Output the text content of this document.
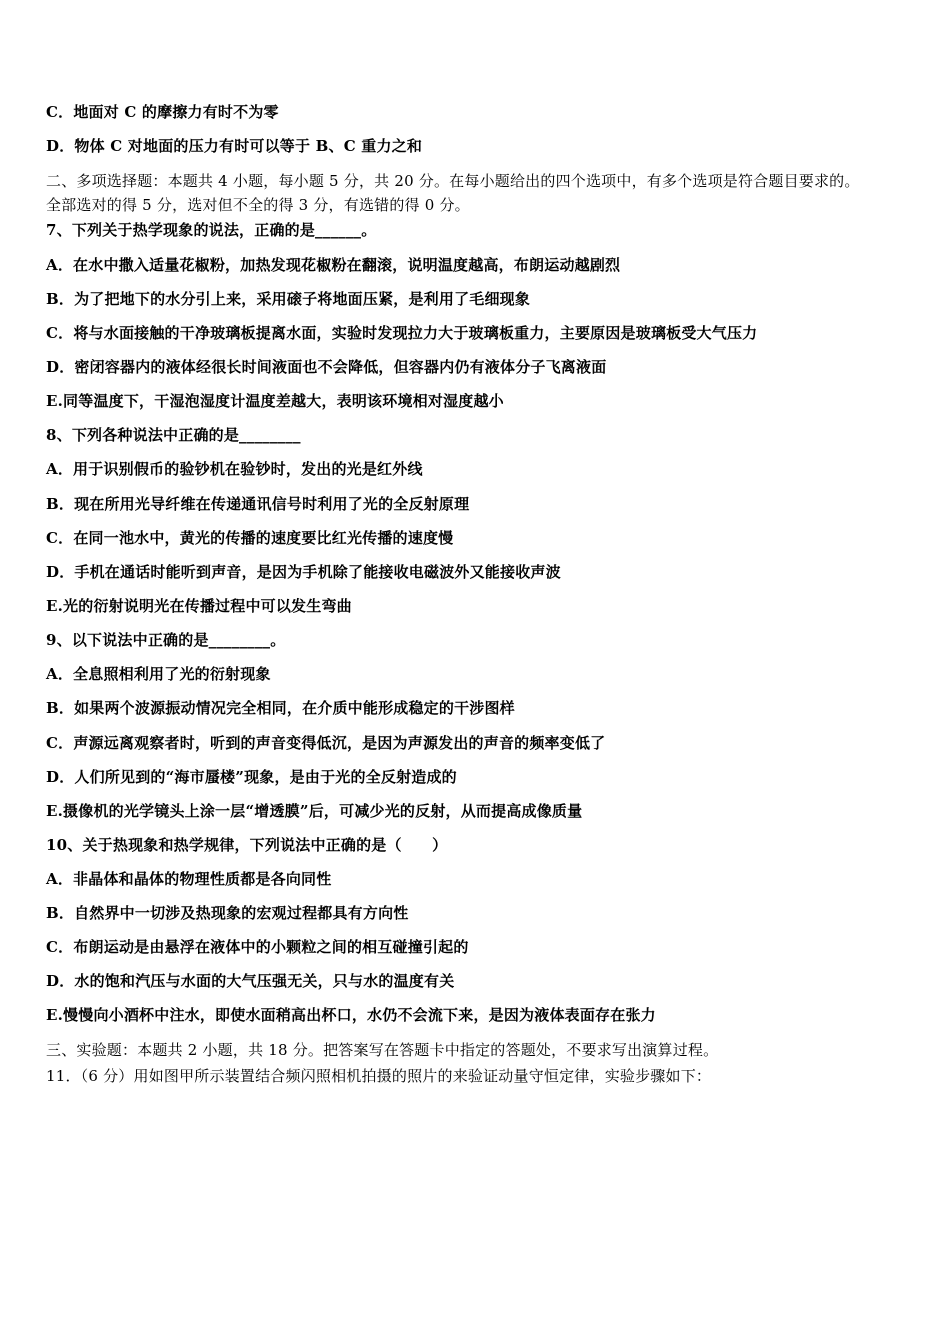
C．地面对 C 的摩擦力有时不为零
D．物体 C 对地面的压力有时可以等于 B、C 重力之和
二、多项选择题：本题共 4 小题，每小题 5 分，共 20 分。在每小题给出的四个选项中，有多个选项是符合题目要求的。
全部选对的得 5 分，选对但不全的得 3 分，有选错的得 0 分。
7、下列关于热学现象的说法，正确的是______。
A．在水中撒入适量花椒粉，加热发现花椒粉在翻滚，说明温度越高，布朗运动越剧烈
B．为了把地下的水分引上来，采用磙子将地面压紧，是利用了毛细现象
C．将与水面接触的干净玻璃板提离水面，实验时发现拉力大于玻璃板重力，主要原因是玻璃板受大气压力
D．密闭容器内的液体经很长时间液面也不会降低，但容器内仍有液体分子飞离液面
E.同等温度下，干湿泡湿度计温度差越大，表明该环境相对湿度越小
8、下列各种说法中正确的是________
A．用于识别假币的验钞机在验钞时，发出的光是红外线
B．现在所用光导纤维在传递通讯信号时利用了光的全反射原理
C．在同一池水中，黄光的传播的速度要比红光传播的速度慢
D．手机在通话时能听到声音，是因为手机除了能接收电磁波外又能接收声波
E.光的衍射说明光在传播过程中可以发生弯曲
9、以下说法中正确的是________。
A．全息照相利用了光的衍射现象
B．如果两个波源振动情况完全相同，在介质中能形成稳定的干涉图样
C．声源远离观察者时，听到的声音变得低沉，是因为声源发出的声音的频率变低了
D．人们所见到的“海市蜃楼”现象，是由于光的全反射造成的
E.摄像机的光学镜头上涂一层“增透膜”后，可减少光的反射，从而提高成像质量
10、关于热现象和热学规律，下列说法中正确的是（　　）
A．非晶体和晶体的物理性质都是各向同性
B．自然界中一切涉及热现象的宏观过程都具有方向性
C．布朗运动是由悬浮在液体中的小颗粒之间的相互碰撞引起的
D．水的饱和汽压与水面的大气压强无关，只与水的温度有关
E.慢慢向小酒杯中注水，即使水面稍高出杯口，水仍不会流下来，是因为液体表面存在张力
三、实验题：本题共 2 小题，共 18 分。把答案写在答题卡中指定的答题处，不要求写出演算过程。
11．（6 分）用如图甲所示装置结合频闪照相机拍摄的照片的来验证动量守恒定律，实验步骤如下：
